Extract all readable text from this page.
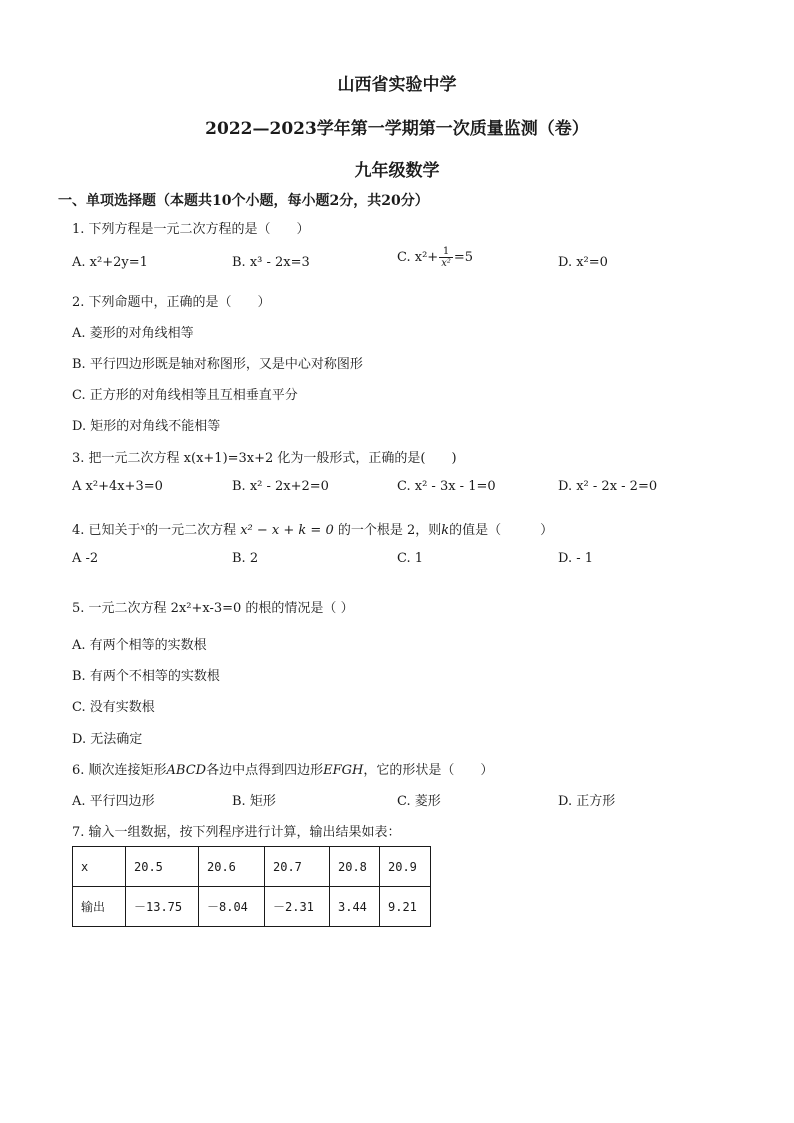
山西省实验中学
2022—2023学年第一学期第一次质量监测（卷）
九年级数学
一、单项选择题（本题共10个小题，每小题2分，共20分）
1. 下列方程是一元二次方程的是（　　）
A. x²+2y=1	B. x³ - 2x=3	C. $x^2+ \frac{1}{\text{x²}} =5$	D. x²=0
2. 下列命题中，正确的是（　　）
A. 菱形的对角线相等
B. 平行四边形既是轴对称图形，又是中心对称图形
C. 正方形的对角线相等且互相垂直平分
D. 矩形的对角线不能相等
3. 把一元二次方程 x(x+1)=3x+2 化为一般形式，正确的是(　　)
A x²+4x+3=0	B. x² - 2x+2=0	C. x² - 3x - 1=0	D. x² - 2x - 2=0
4. 已知关于$^x$的一元二次方程 x² − x + k = 0 的一个根是 2，则k的值是（　　　）
A -2	B. 2	C. 1	D. - 1
5. 一元二次方程 2x²+x-3=0 的根的情况是（ ）
A. 有两个相等的实数根
B. 有两个不相等的实数根
C. 没有实数根
D. 无法确定
6. 顺次连接矩形ABCD各边中点得到四边形EFGH，它的形状是（　　）
A. 平行四边形	B. 矩形	C. 菱形	D. 正方形
7. 输入一组数据，按下列程序进行计算，输出结果如表：
x	20.5	20.6	20.7	20.8	20.9
输出	－13.75	－8.04	－2.31	3.44	9.21
